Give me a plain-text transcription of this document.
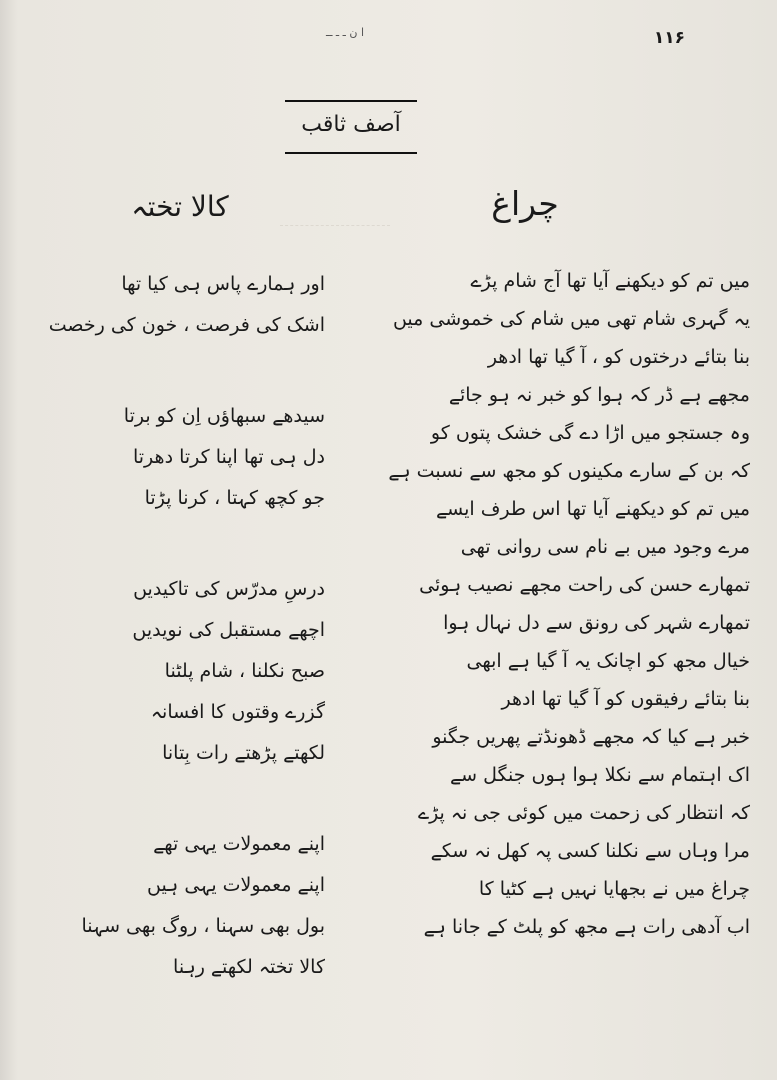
ا ن ـ ـ ــ	۱۱۶
آصف ثاقب
چراغ
کالا تختہ
میں تم کو دیکھنے آیا تھا آج شام پڑے
یہ گہری شام تھی میں شام کی خموشی میں
بنا بتائے درختوں کو ، آ گیا تھا ادھر
مجھے ہے ڈر کہ ہوا کو خبر نہ ہو جائے
وہ جستجو میں اڑا دے گی خشک پتوں کو
کہ بن کے سارے مکینوں کو مجھ سے نسبت ہے
میں تم کو دیکھنے آیا تھا اس طرف ایسے
مرے وجود میں بے نام سی روانی تھی
تمھارے حسن کی راحت مجھے نصیب ہوئی
تمھارے شہر کی رونق سے دل نہال ہوا
خیال مجھ کو اچانک یہ آ گیا ہے ابھی
بنا بتائے رفیقوں کو آ گیا تھا ادھر
خبر ہے کیا کہ مجھے ڈھونڈتے پھریں جگنو
اک اہتمام سے نکلا ہوا ہوں جنگل سے
کہ انتظار کی زحمت میں کوئی جی نہ پڑے
مرا وہاں سے نکلنا کسی پہ کھل نہ سکے
چراغ میں نے بجھایا نہیں ہے کٹیا کا
اب آدھی رات ہے مجھ کو پلٹ کے جانا ہے
اور ہمارے پاس ہی کیا تھا
اشک کی فرصت ، خون کی رخصت
سیدھے سبھاؤں اِن کو برتا
دل ہی تھا اپنا کرتا دھرتا
جو کچھ کہتا ، کرنا پڑتا
درسِ مدرّس کی تاکیدیں
اچھے مستقبل کی نویدیں
صبح نکلنا ، شام پلٹنا
گزرے وقتوں کا افسانہ
لکھتے پڑھتے رات بِتانا
اپنے معمولات یہی تھے
اپنے معمولات یہی ہیں
بول بھی سہنا ، روگ بھی سہنا
کالا تختہ لکھتے رہنا
